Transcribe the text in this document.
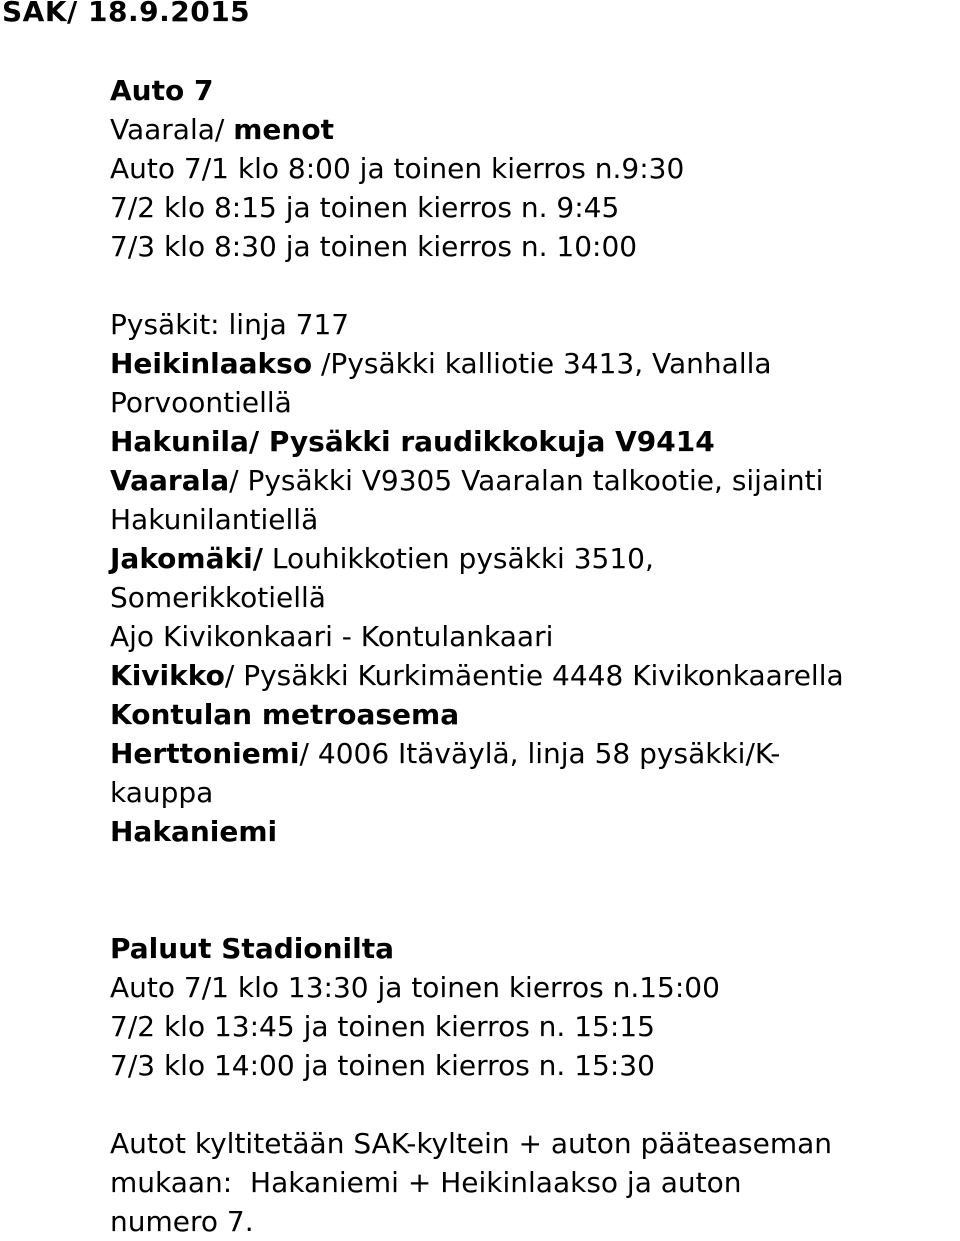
SAK/ 18.9.2015
Auto 7
Vaarala/ menot
Auto 7/1 klo 8:00 ja toinen kierros n.9:30
7/2 klo 8:15 ja toinen kierros n. 9:45
7/3 klo 8:30 ja toinen kierros n. 10:00
Pysäkit: linja 717
Heikinlaakso /Pysäkki kalliotie 3413, Vanhalla
Porvoontiellä
Hakunila/ Pysäkki raudikkokuja V9414
Vaarala/ Pysäkki V9305 Vaaralan talkootie, sijainti
Hakunilantiellä
Jakomäki/ Louhikkotien pysäkki 3510,
Somerikkotiellä
Ajo Kivikonkaari - Kontulankaari
Kivikko/ Pysäkki Kurkimäentie 4448 Kivikonkaarella
Kontulan metroasema
Herttoniemi/ 4006 Itäväylä, linja 58 pysäkki/K-
kauppa
Hakaniemi
Paluut Stadionilta
Auto 7/1 klo 13:30 ja toinen kierros n.15:00
7/2 klo 13:45 ja toinen kierros n. 15:15
7/3 klo 14:00 ja toinen kierros n. 15:30
Autot kyltitetään SAK-kyltein + auton pääteaseman
mukaan:  Hakaniemi + Heikinlaakso ja auton
numero 7.
